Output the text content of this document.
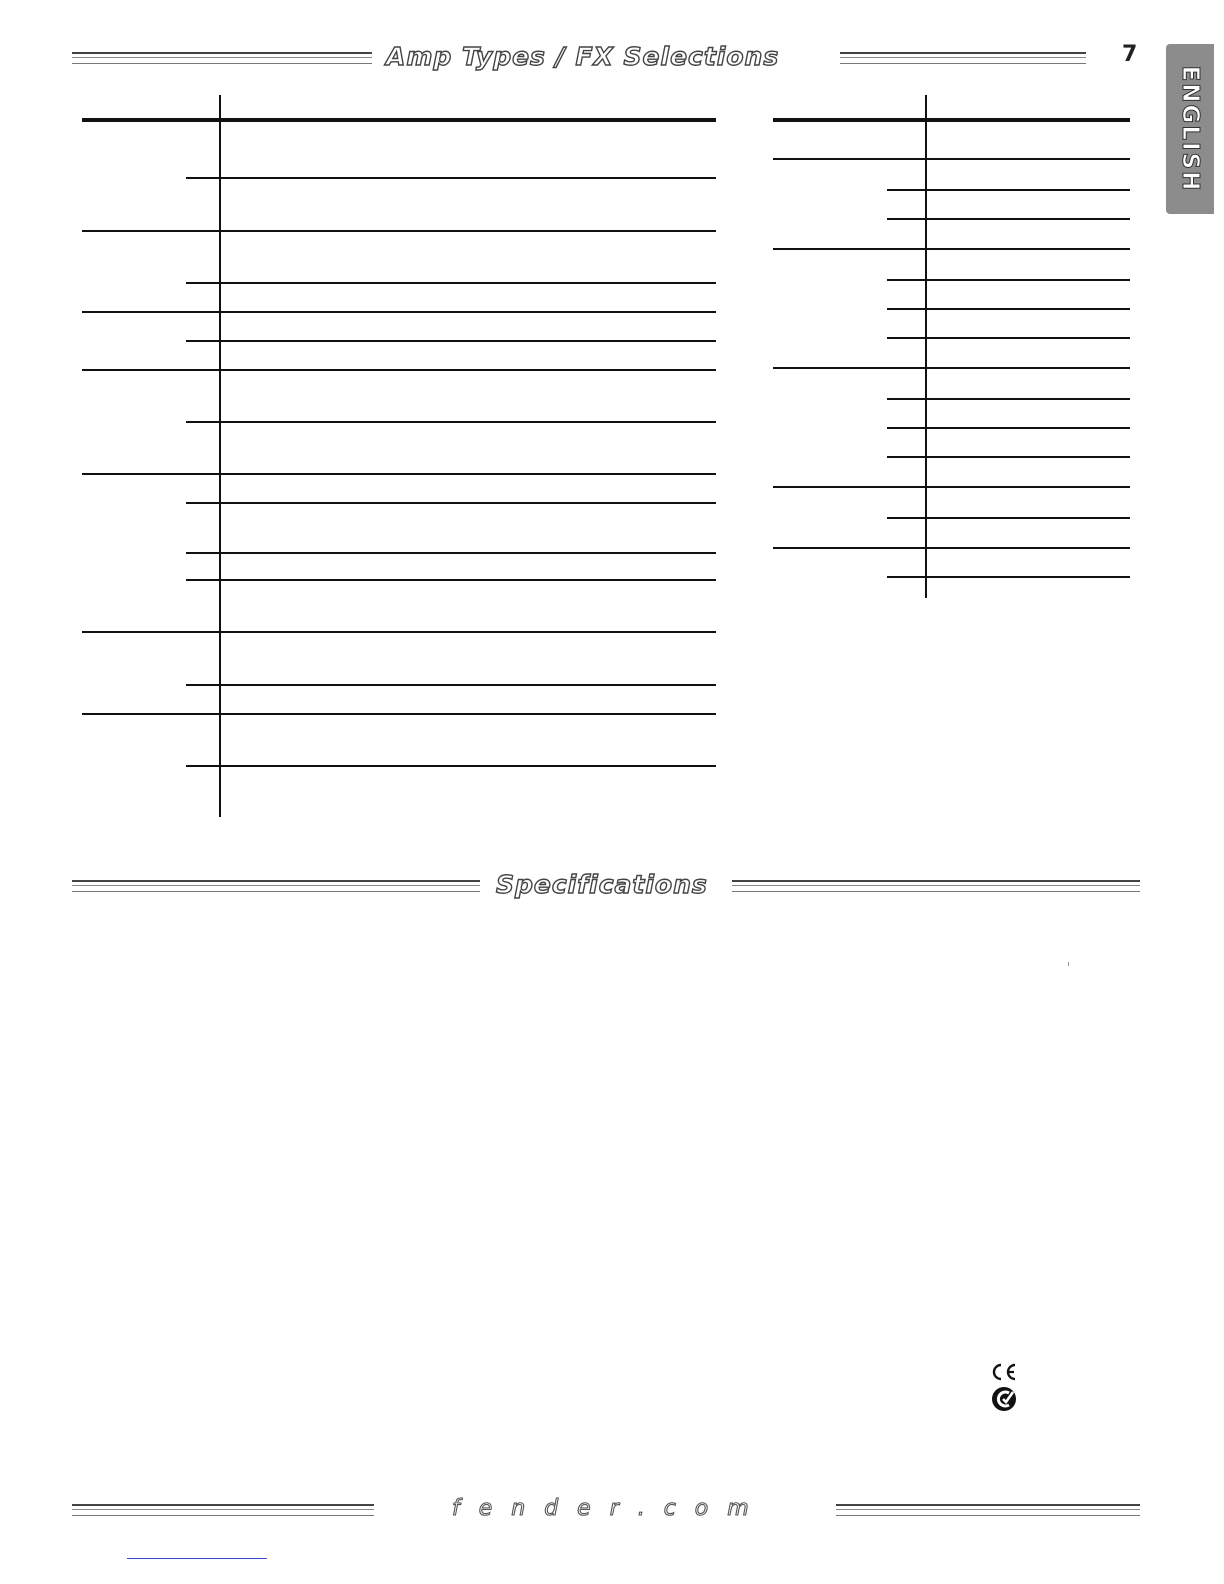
Amp Types / FX Selections	7
ENGLISH
Specifications
f e n d e r . c o m
